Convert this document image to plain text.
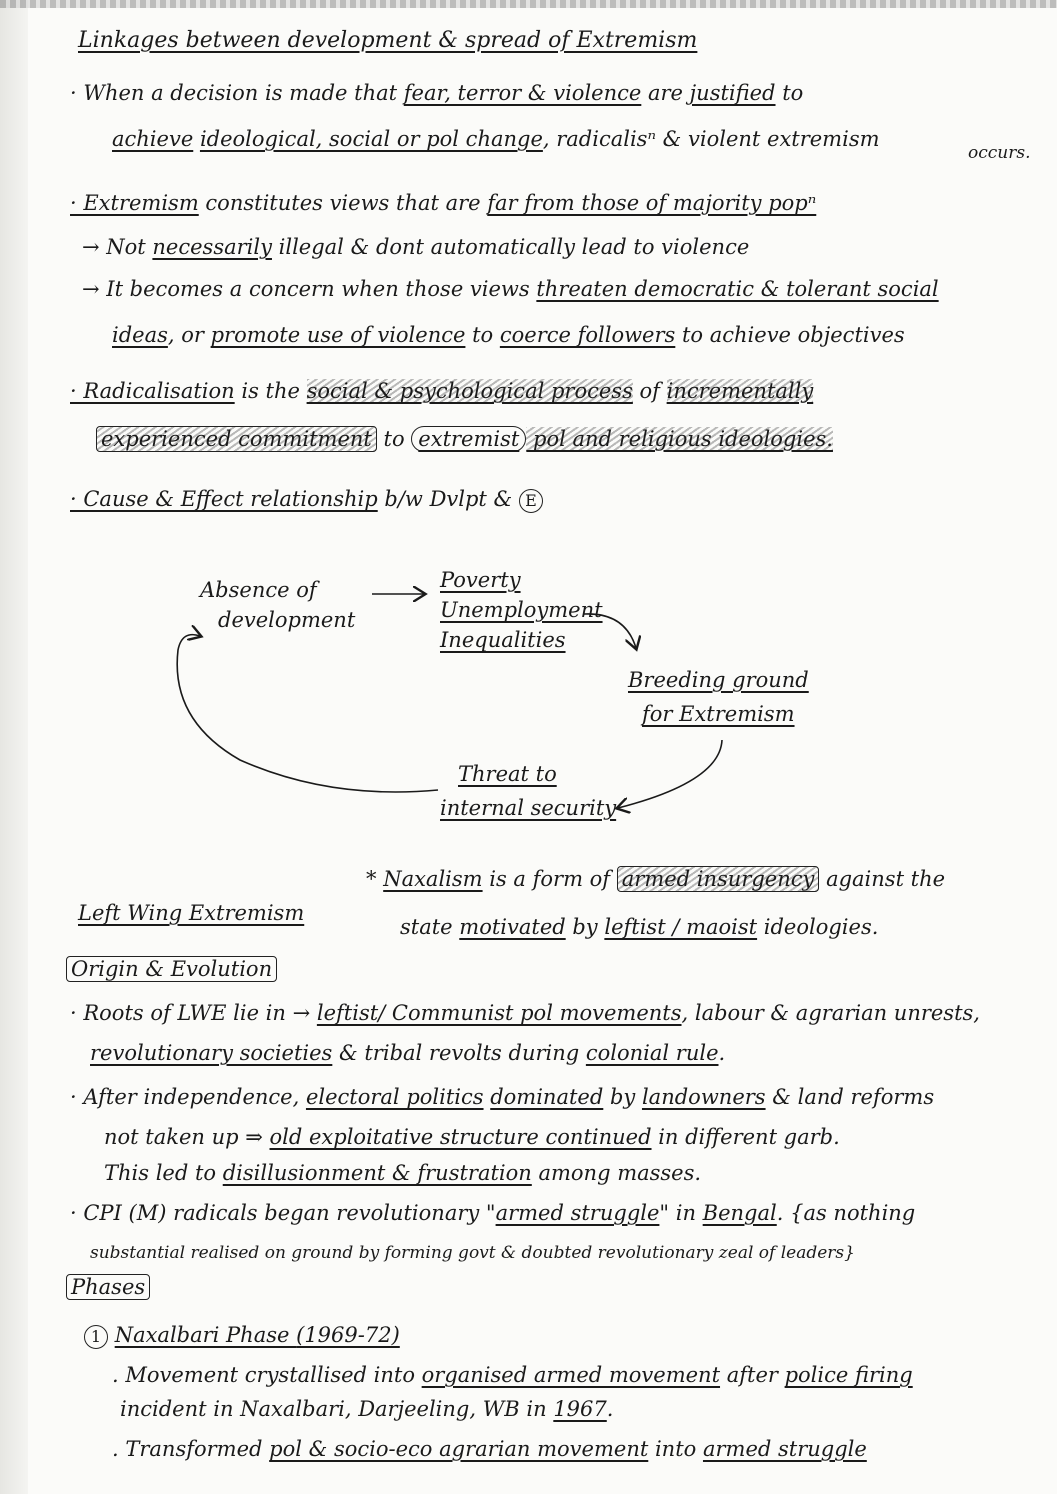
Linkages between development & spread of Extremism
· When a decision is made that fear, terror & violence are justified to
achieve ideological, social or pol change, radicalisⁿ & violent extremism
occurs.
· Extremism constitutes views that are far from those of majority popⁿ
→ Not necessarily illegal & dont automatically lead to violence
→ It becomes a concern when those views threaten democratic & tolerant social
ideas, or promote use of violence to coerce followers to achieve objectives
· Radicalisation is the social & psychological process of incrementally
experienced commitment to extremist pol and religious ideologies.
· Cause & Effect relationship b/w Dvlpt & E
Absence of
development
Poverty
Unemployment
Inequalities
Breeding ground
for Extremism
Threat to
internal security
Left Wing Extremism
* Naxalism is a form of armed insurgency against the
state motivated by leftist / maoist ideologies.
Origin & Evolution
· Roots of LWE lie in → leftist/ Communist pol movements, labour & agrarian unrests,
revolutionary societies & tribal revolts during colonial rule.
· After independence, electoral politics dominated by landowners & land reforms
not taken up ⇒ old exploitative structure continued in different garb.
This led to disillusionment & frustration among masses.
· CPI (M) radicals began revolutionary "armed struggle" in Bengal. {as nothing
substantial realised on ground by forming govt & doubted revolutionary zeal of leaders}
Phases
1 Naxalbari Phase (1969-72)
. Movement crystallised into organised armed movement after police firing
incident in Naxalbari, Darjeeling, WB in 1967.
. Transformed pol & socio-eco agrarian movement into armed struggle
